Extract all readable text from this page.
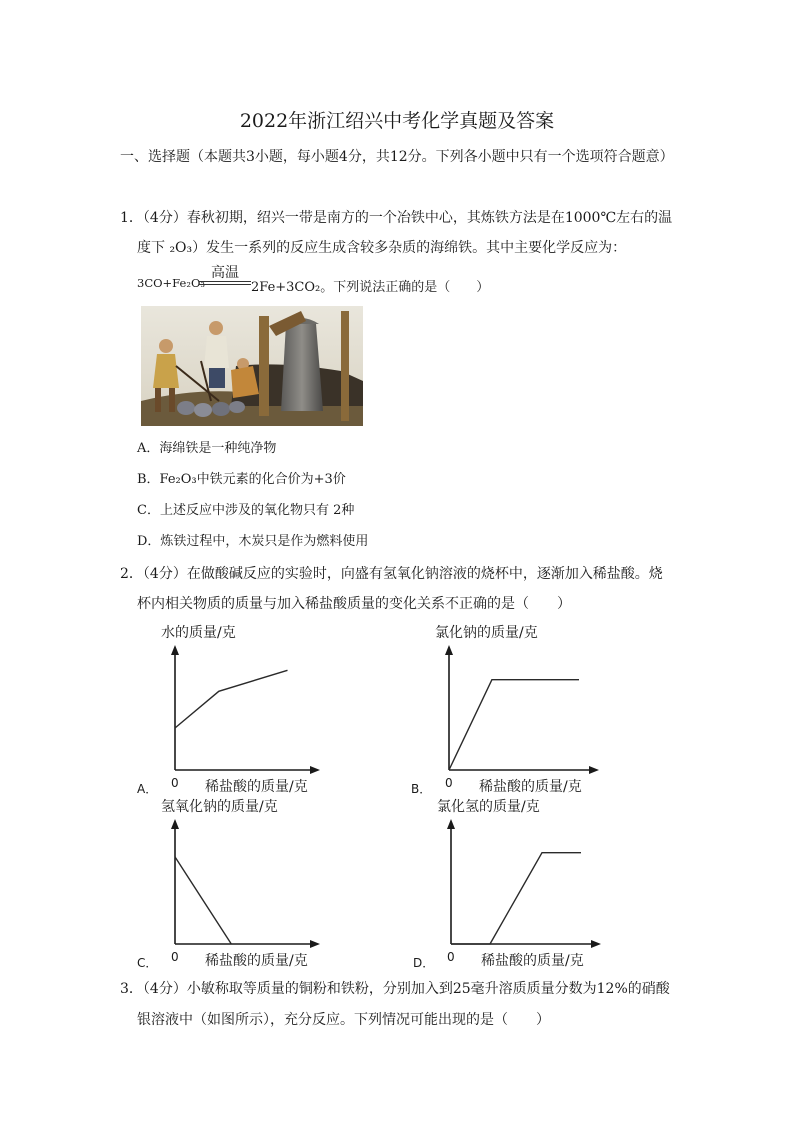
2022年浙江绍兴中考化学真题及答案
一、选择题（本题共3小题，每小题4分，共12分。下列各小题中只有一个选项符合题意）
1．（4分）春秋初期，绍兴一带是南方的一个冶铁中心，其炼铁方法是在1000℃左右的温
度下 ₂O₃）发生一系列的反应生成含较多杂质的海绵铁。其中主要化学反应为：
3CO+Fe₂O₃
高温
2Fe+3CO₂。下列说法正确的是（　　）
A．海绵铁是一种纯净物
B．Fe₂O₃中铁元素的化合价为+3价
C．上述反应中涉及的氧化物只有 2种
D．炼铁过程中，木炭只是作为燃料使用
2．（4分）在做酸碱反应的实验时，向盛有氢氧化钠溶液的烧杯中，逐渐加入稀盐酸。烧
杯内相关物质的质量与加入稀盐酸质量的变化关系不正确的是（　　）
水的质量/克
稀盐酸的质量/克
0
A．
氯化钠的质量/克
稀盐酸的质量/克
0
B．
氢氧化钠的质量/克
稀盐酸的质量/克
0
C．
氯化氢的质量/克
稀盐酸的质量/克
0
D．
3．（4分）小敏称取等质量的铜粉和铁粉，分别加入到25毫升溶质质量分数为12%的硝酸
银溶液中（如图所示），充分反应。下列情况可能出现的是（　　）
